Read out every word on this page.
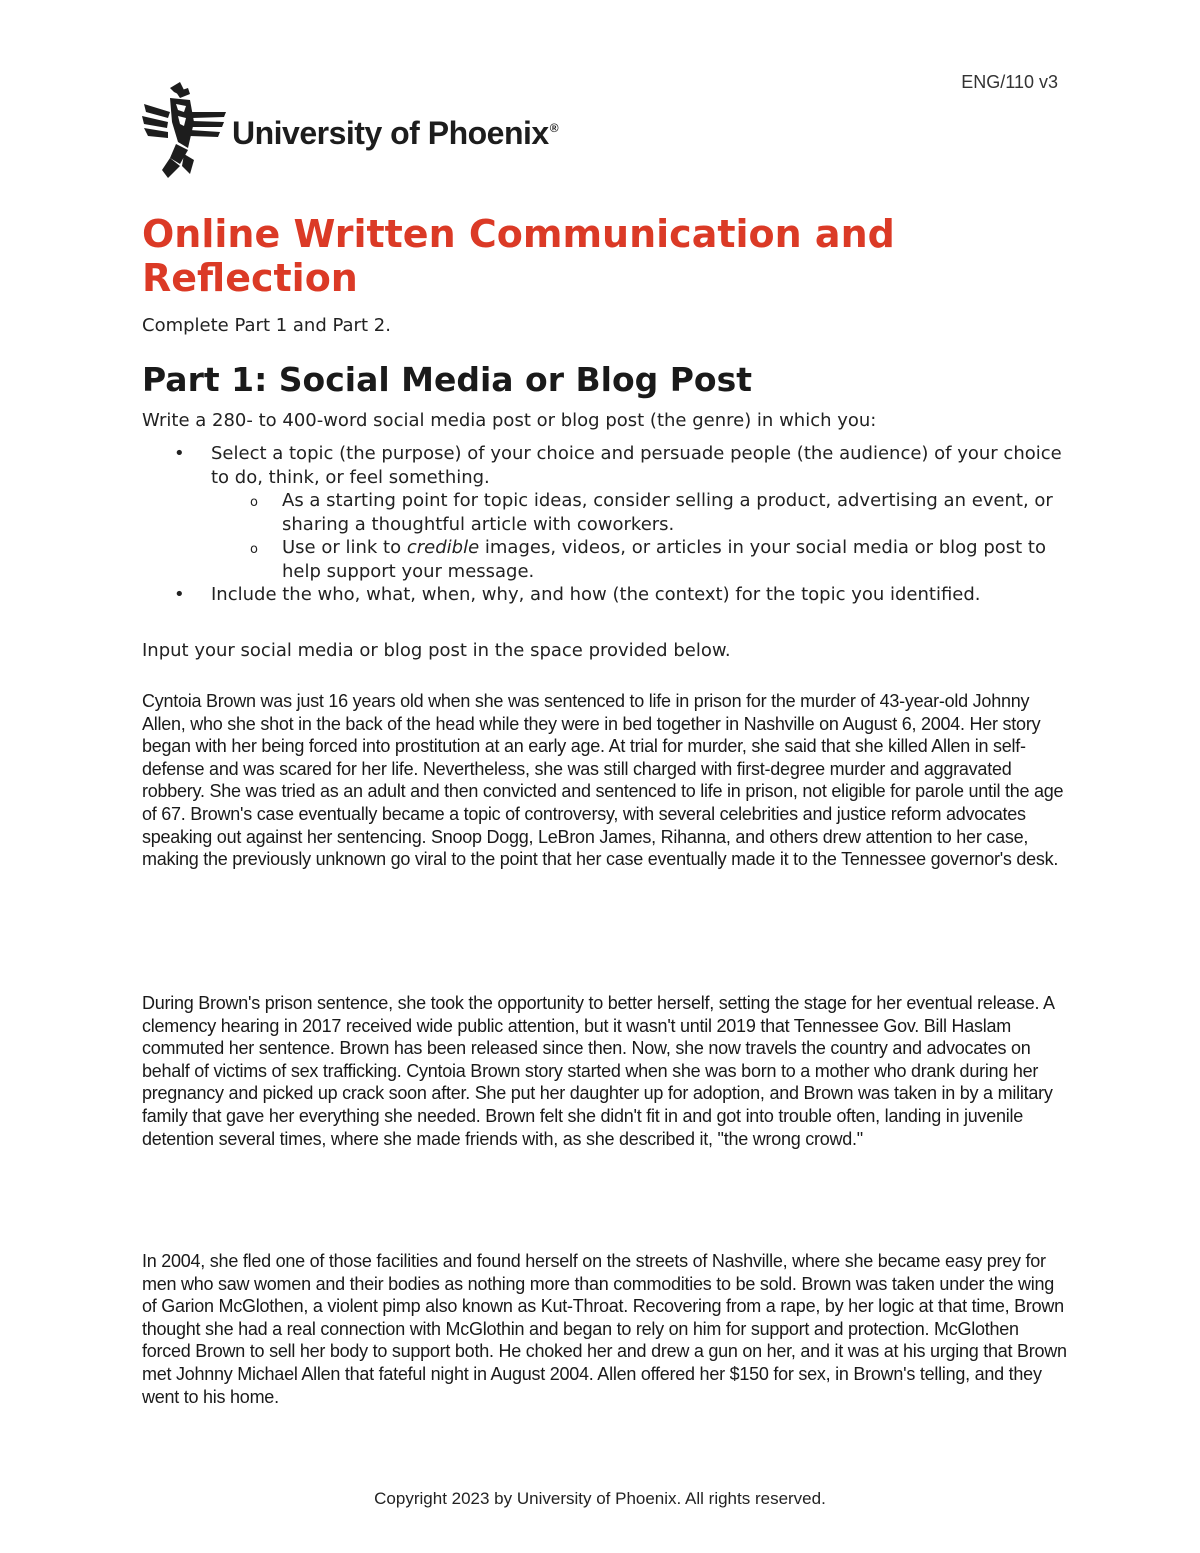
ENG/110 v3
University of Phoenix®
Online Written Communication and Reflection

Complete Part 1 and Part 2.

Part 1: Social Media or Blog Post

Write a 280- to 400-word social media post or blog post (the genre) in which you:

• Select a topic (the purpose) of your choice and persuade people (the audience) of your choice to do, think, or feel something.
o As a starting point for topic ideas, consider selling a product, advertising an event, or sharing a thoughtful article with coworkers.
o Use or link to credible images, videos, or articles in your social media or blog post to help support your message.
• Include the who, what, when, why, and how (the context) for the topic you identified.

Input your social media or blog post in the space provided below.

Cyntoia Brown was just 16 years old when she was sentenced to life in prison for the murder of 43-year-old Johnny Allen, who she shot in the back of the head while they were in bed together in Nashville on August 6, 2004. Her story began with her being forced into prostitution at an early age. At trial for murder, she said that she killed Allen in self-defense and was scared for her life. Nevertheless, she was still charged with first-degree murder and aggravated robbery. She was tried as an adult and then convicted and sentenced to life in prison, not eligible for parole until the age of 67. Brown's case eventually became a topic of controversy, with several celebrities and justice reform advocates speaking out against her sentencing. Snoop Dogg, LeBron James, Rihanna, and others drew attention to her case, making the previously unknown go viral to the point that her case eventually made it to the Tennessee governor's desk.

During Brown's prison sentence, she took the opportunity to better herself, setting the stage for her eventual release. A clemency hearing in 2017 received wide public attention, but it wasn't until 2019 that Tennessee Gov. Bill Haslam commuted her sentence. Brown has been released since then. Now, she now travels the country and advocates on behalf of victims of sex trafficking. Cyntoia Brown story started when she was born to a mother who drank during her pregnancy and picked up crack soon after. She put her daughter up for adoption, and Brown was taken in by a military family that gave her everything she needed. Brown felt she didn't fit in and got into trouble often, landing in juvenile detention several times, where she made friends with, as she described it, "the wrong crowd."

In 2004, she fled one of those facilities and found herself on the streets of Nashville, where she became easy prey for men who saw women and their bodies as nothing more than commodities to be sold. Brown was taken under the wing of Garion McGlothen, a violent pimp also known as Kut-Throat. Recovering from a rape, by her logic at that time, Brown thought she had a real connection with McGlothin and began to rely on him for support and protection. McGlothen forced Brown to sell her body to support both. He choked her and drew a gun on her, and it was at his urging that Brown met Johnny Michael Allen that fateful night in August 2004. Allen offered her $150 for sex, in Brown's telling, and they went to his home.

Copyright 2023 by University of Phoenix. All rights reserved.
